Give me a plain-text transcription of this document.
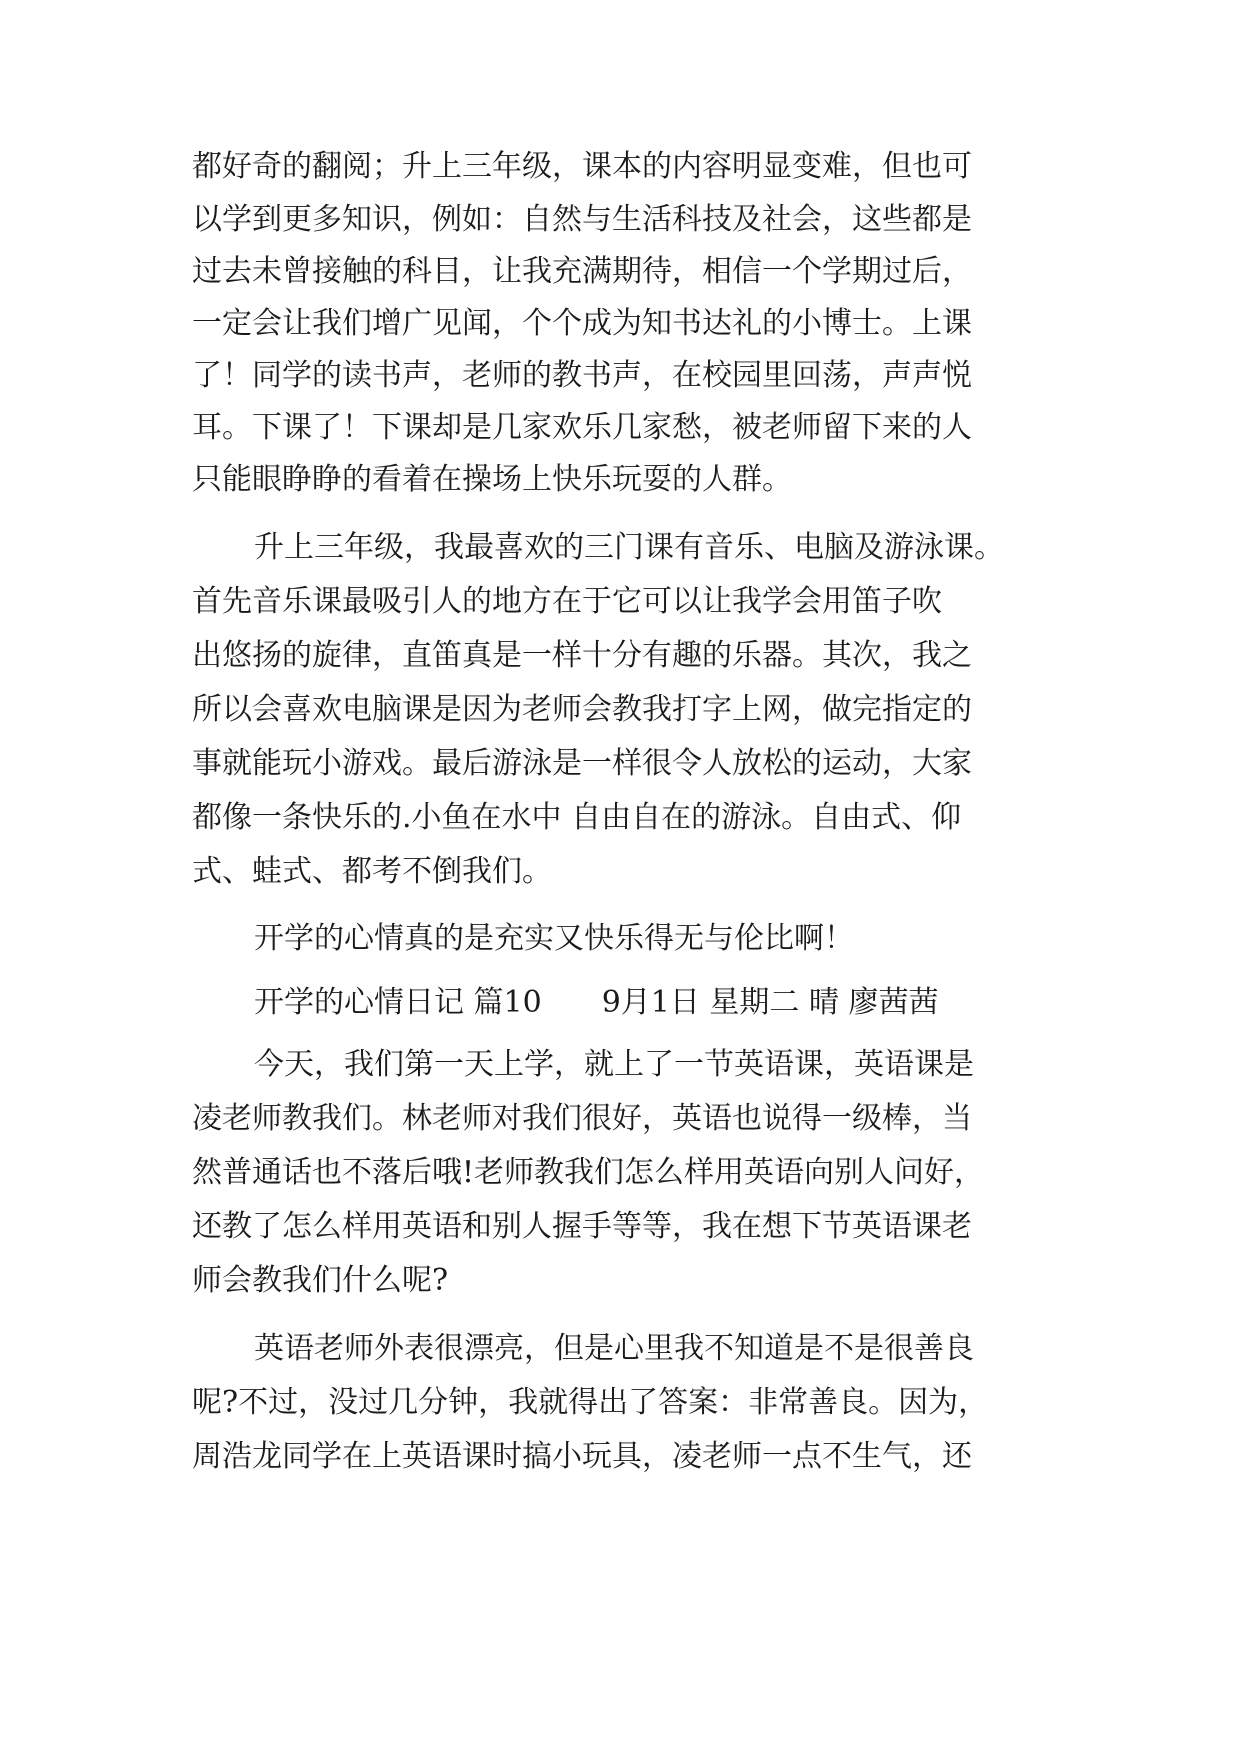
都好奇的翻阅；升上三年级，课本的内容明显变难，但也可
以学到更多知识，例如：自然与生活科技及社会，这些都是
过去未曾接触的科目，让我充满期待，相信一个学期过后，
一定会让我们增广见闻，个个成为知书达礼的小博士。上课
了！同学的读书声，老师的教书声，在校园里回荡，声声悦
耳。下课了！下课却是几家欢乐几家愁，被老师留下来的人
只能眼睁睁的看着在操场上快乐玩耍的人群。
升上三年级，我最喜欢的三门课有音乐、电脑及游泳课。
首先音乐课最吸引人的地方在于它可以让我学会用笛子吹
出悠扬的旋律，直笛真是一样十分有趣的乐器。其次，我之
所以会喜欢电脑课是因为老师会教我打字上网，做完指定的
事就能玩小游戏。最后游泳是一样很令人放松的运动，大家
都像一条快乐的.小鱼在水中 自由自在的游泳。自由式、仰
式、蛙式、都考不倒我们。
开学的心情真的是充实又快乐得无与伦比啊！
开学的心情日记 篇10　　9月1日 星期二 晴 廖茜茜
今天，我们第一天上学，就上了一节英语课，英语课是
凌老师教我们。林老师对我们很好，英语也说得一级棒，当
然普通话也不落后哦!老师教我们怎么样用英语向别人问好，
还教了怎么样用英语和别人握手等等，我在想下节英语课老
师会教我们什么呢?
英语老师外表很漂亮，但是心里我不知道是不是很善良
呢?不过，没过几分钟，我就得出了答案：非常善良。因为，
周浩龙同学在上英语课时搞小玩具，凌老师一点不生气，还
